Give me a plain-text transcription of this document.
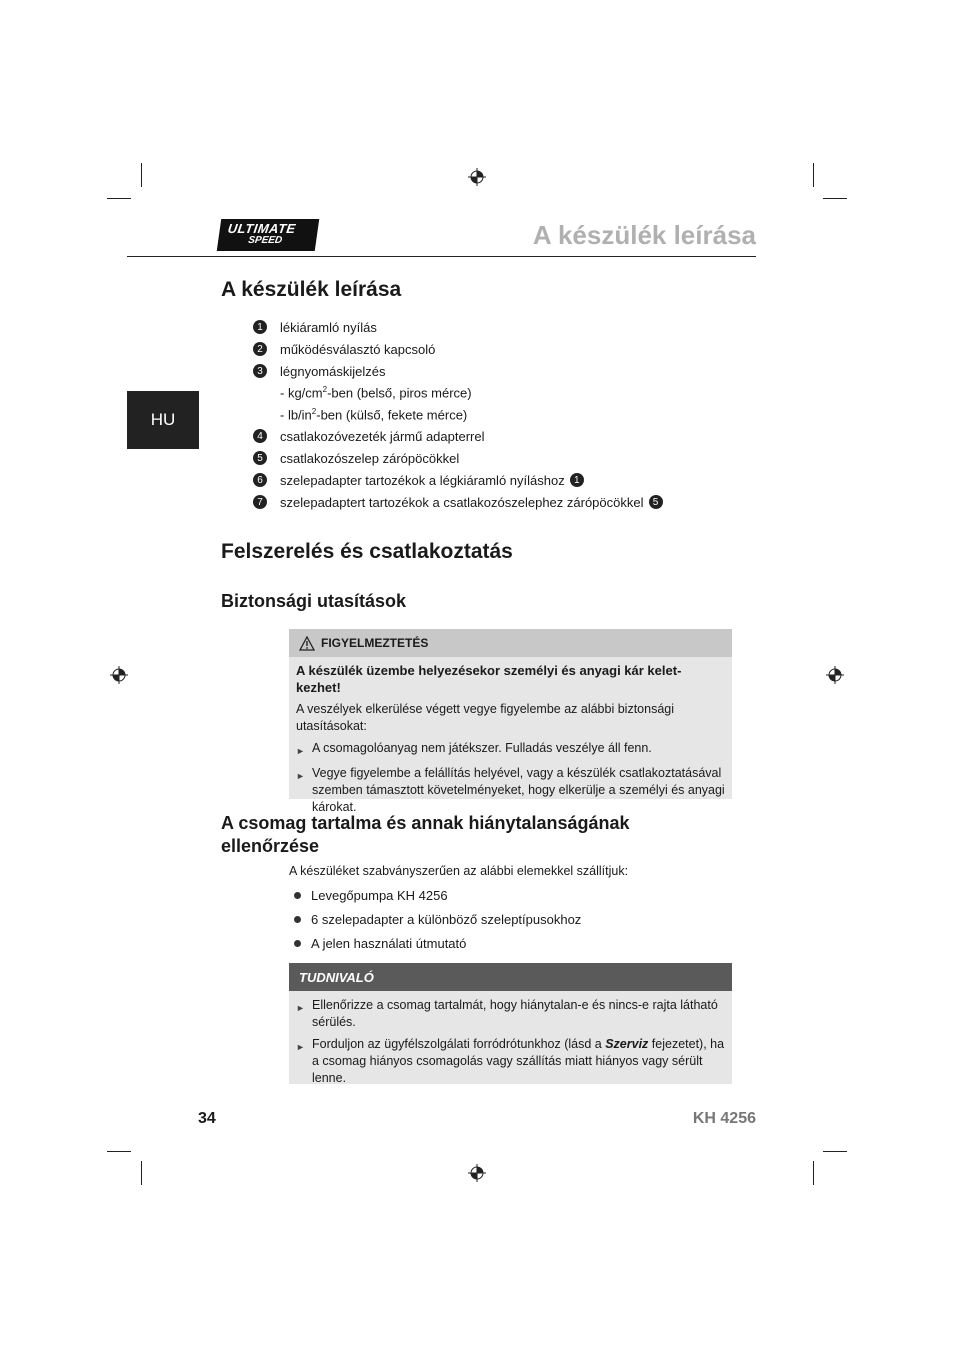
ULTIMATE
SPEED	A készülék leírása
HU
A készülék leírása
1	lékiáramló nyílás
2	működésválasztó kapcsoló
3	légnyomáskijelzés
- $kg/cm^2$-ben (belső, piros mérce)
- $lb/in^2$-ben (külső, fekete mérce)
4	csatlakozóvezeték jármű adapterrel
5	csatlakozószelep zárópöcökkel
6	szelepadapter tartozékok a légkiáramló nyíláshoz 1
7	szelepadaptert tartozékok a csatlakozószelephez zárópöcökkel 5
Felszerelés és csatlakoztatás
Biztonsági utasítások
FIGYELMEZTETÉS

A készülék üzembe helyezésekor személyi és anyagi kár kelet-kezhet!

A veszélyek elkerülése végett vegye figyelembe az alábbi biztonsági utasításokat:

► A csomagolóanyag nem játékszer. Fulladás veszélye áll fenn.

► Vegye figyelembe a felállítás helyével, vagy a készülék csatlakoztatásával szemben támasztott követelményeket, hogy elkerülje a személyi és anyagi károkat.

A csomag tartalma és annak hiánytalanságának
ellenőrzése
A készüléket szabványszerűen az alábbi elemekkel szállítjuk:
Levegőpumpa KH 4256
6 szelepadapter a különböző szeleptípusokhoz
A jelen használati útmutató
TUDNIVALÓ

► Ellenőrizze a csomag tartalmát, hogy hiánytalan-e és nincs-e rajta látható sérülés.

► Forduljon az ügyfélszolgálati forródrótunkhoz (lásd a Szerviz fejezetet), ha a csomag hiányos csomagolás vagy szállítás miatt hiányos vagy sérült lenne.

34	KH 4256
